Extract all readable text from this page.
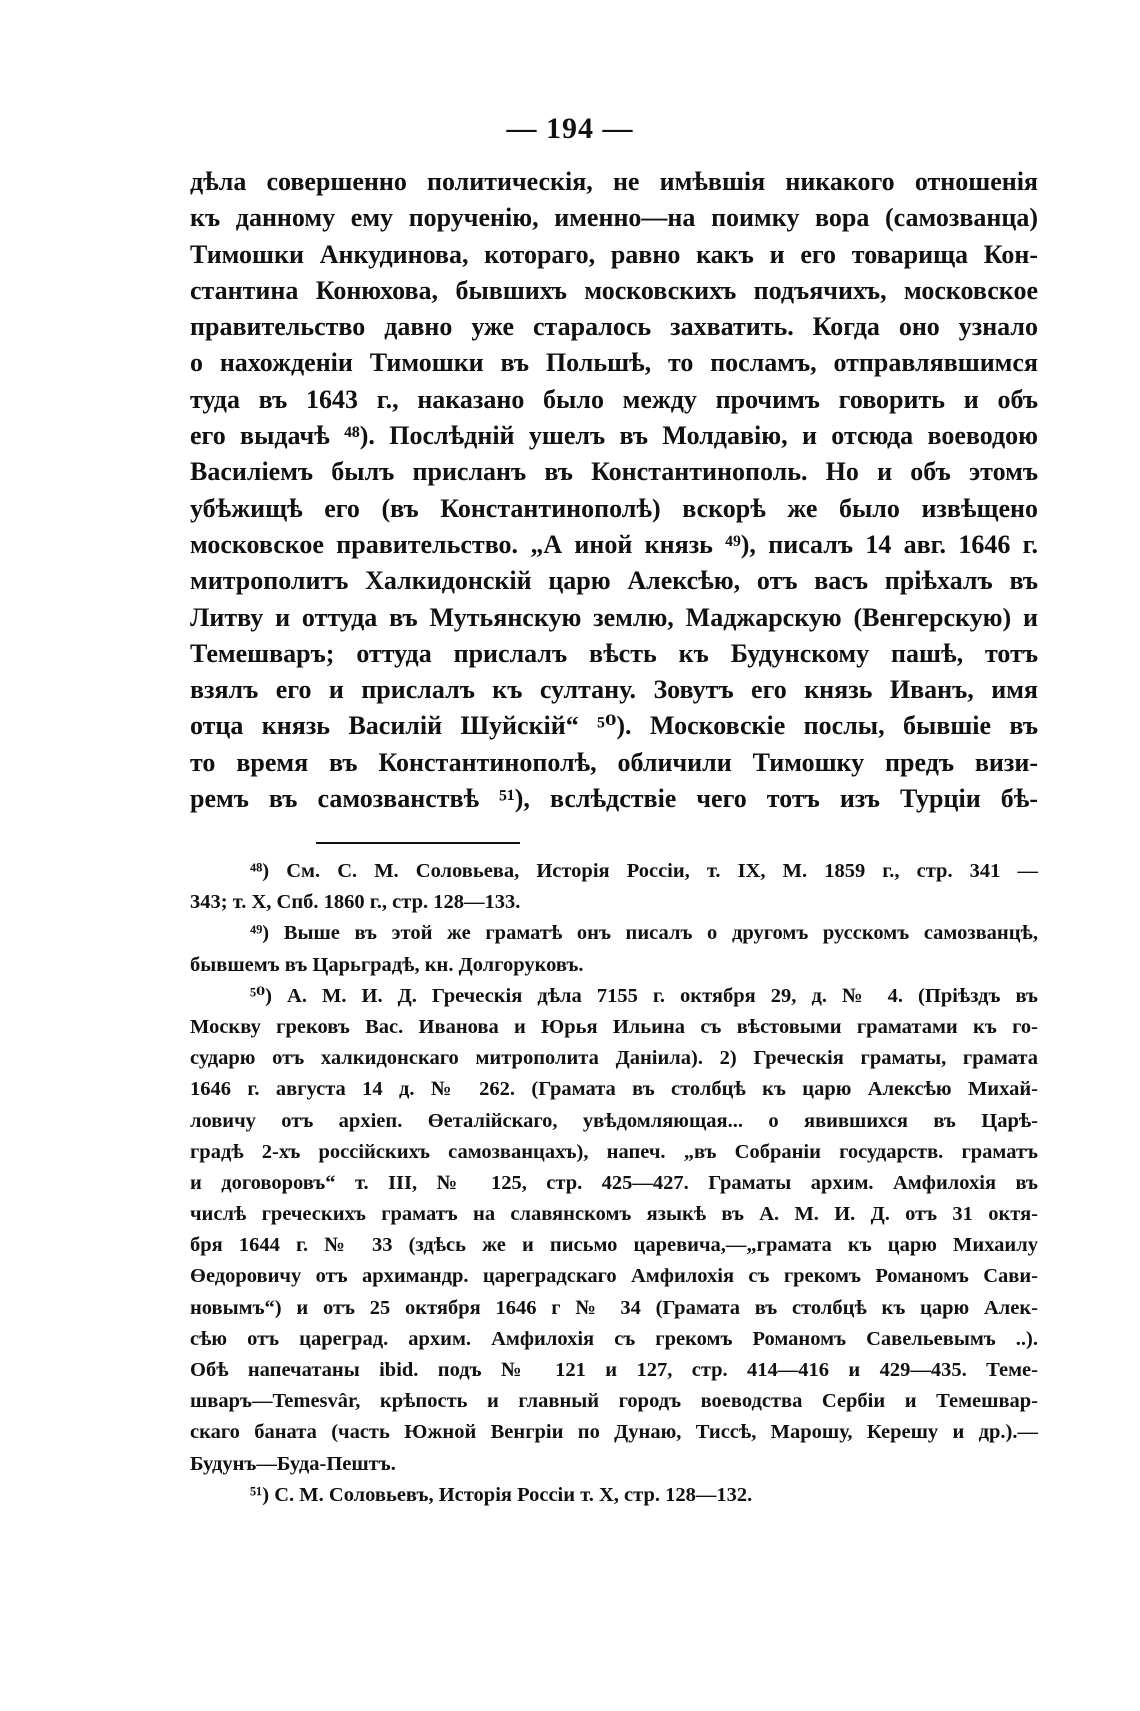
— 194 —
дѣла совершенно политическія, не имѣвшія никакого отношенія
къ данному ему порученію, именно—на поимку вора (самозванца)
Тимошки Анкудинова, котораго, равно какъ и его товарища Кон-
стантина Конюхова, бывшихъ московскихъ подъячихъ, московское
правительство давно уже старалось захватить. Когда оно узнало
о нахожденіи Тимошки въ Польшѣ, то посламъ, отправлявшимся
туда въ 1643 г., наказано было между прочимъ говорить и объ
его выдачѣ ⁴⁸). Послѣдній ушелъ въ Молдавію, и отсюда воеводою
Василіемъ былъ присланъ въ Константинополь. Но и объ этомъ
убѣжищѣ его (въ Константинополѣ) вскорѣ же было извѣщено
московское правительство. „А иной князь ⁴⁹), писалъ 14 авг. 1646 г.
митрополитъ Халкидонскій царю Алексѣю, отъ васъ пріѣхалъ въ
Литву и оттуда въ Мутьянскую землю, Маджарскую (Венгерскую) и
Темешваръ; оттуда прислалъ вѣсть къ Будунскому пашѣ, тотъ
взялъ его и прислалъ къ султану. Зовутъ его князь Иванъ, имя
отца князь Василій Шуйскій“ ⁵⁰). Московскіе послы, бывшіе въ
то время въ Константинополѣ, обличили Тимошку предъ визи-
ремъ въ самозванствѣ ⁵¹), вслѣдствіе чего тотъ изъ Турціи бѣ-
⁴⁸) См. С. М. Соловьева, Исторія Россіи, т. IX, М. 1859 г., стр. 341 —
343; т. X, Спб. 1860 г., стр. 128—133.
⁴⁹) Выше въ этой же граматѣ онъ писалъ о другомъ русскомъ самозванцѣ,
бывшемъ въ Царьградѣ, кн. Долгоруковъ.
⁵⁰) А. М. И. Д. Греческія дѣла 7155 г. октября 29, д. № 4. (Пріѣздъ въ
Москву грековъ Вас. Иванова и Юрья Ильина съ вѣстовыми граматами къ го-
сударю отъ халкидонскаго митрополита Даніила). 2) Греческія граматы, грамата
1646 г. августа 14 д. № 262. (Грамата въ столбцѣ къ царю Алексѣю Михай-
ловичу отъ архіеп. Өеталійскаго, увѣдомляющая... о явившихся въ Царѣ-
градѣ 2-хъ россійскихъ самозванцахъ), напеч. „въ Собраніи государств. граматъ
и договоровъ“ т. III, № 125, стр. 425—427. Граматы архим. Амфилохія въ
числѣ греческихъ граматъ на славянскомъ языкѣ въ А. М. И. Д. отъ 31 октя-
бря 1644 г. № 33 (здѣсь же и письмо царевича,—„грамата къ царю Михаилу
Өедоровичу отъ архимандр. цареградскаго Амфилохія съ грекомъ Романомъ Сави-
новымъ“) и отъ 25 октября 1646 г № 34 (Грамата въ столбцѣ къ царю Алек-
сѣю отъ цареград. архим. Амфилохія съ грекомъ Романомъ Савельевымъ ..).
Обѣ напечатаны ibid. подъ № 121 и 127, стр. 414—416 и 429—435. Теме-
шваръ—Temesvâr, крѣпость и главный городъ воеводства Сербіи и Темешвар-
скаго баната (часть Южной Венгріи по Дунаю, Тиссѣ, Марошу, Керешу и др.).—
Будунъ—Буда-Пештъ.
⁵¹) С. М. Соловьевъ, Исторія Россіи т. X, стр. 128—132.
